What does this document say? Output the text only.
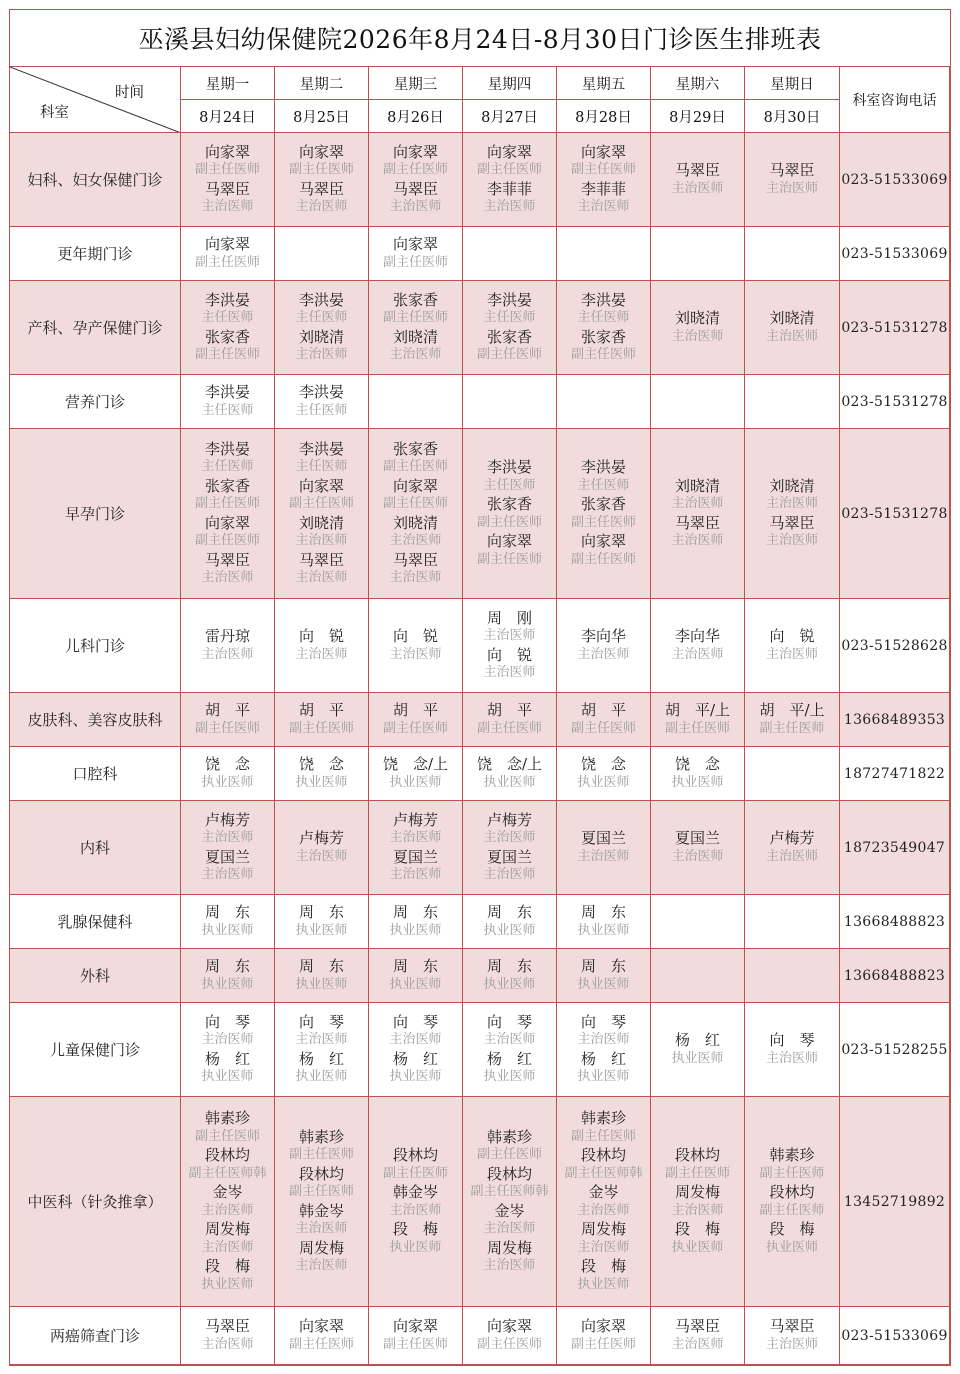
巫溪县妇幼保健院2026年8月24日-8月30日门诊医生排班表
时间
科室
星期一
8月24日
星期二
8月25日
星期三
8月26日
星期四
8月27日
星期五
8月28日
星期六
8月29日
星期日
8月30日
科室咨询电话
妇科、妇女保健门诊
向家翠
副主任医师
马翠臣
主治医师
向家翠
副主任医师
马翠臣
主治医师
向家翠
副主任医师
马翠臣
主治医师
向家翠
副主任医师
李菲菲
主治医师
向家翠
副主任医师
李菲菲
主治医师
马翠臣
主治医师
马翠臣
主治医师
023-51533069
更年期门诊
向家翠
副主任医师
向家翠
副主任医师
023-51533069
产科、孕产保健门诊
李洪晏
主任医师
张家香
副主任医师
李洪晏
主任医师
刘晓清
主治医师
张家香
副主任医师
刘晓清
主治医师
李洪晏
主任医师
张家香
副主任医师
李洪晏
主任医师
张家香
副主任医师
刘晓清
主治医师
刘晓清
主治医师
023-51531278
营养门诊
李洪晏
主任医师
李洪晏
主任医师
023-51531278
早孕门诊
李洪晏
主任医师
张家香
副主任医师
向家翠
副主任医师
马翠臣
主治医师
李洪晏
主任医师
向家翠
副主任医师
刘晓清
主治医师
马翠臣
主治医师
张家香
副主任医师
向家翠
副主任医师
刘晓清
主治医师
马翠臣
主治医师
李洪晏
主任医师
张家香
副主任医师
向家翠
副主任医师
李洪晏
主任医师
张家香
副主任医师
向家翠
副主任医师
刘晓清
主治医师
马翠臣
主治医师
刘晓清
主治医师
马翠臣
主治医师
023-51531278
儿科门诊
雷丹琼
主治医师
向　锐
主治医师
向　锐
主治医师
周　刚
主治医师
向　锐
主治医师
李向华
主治医师
李向华
主治医师
向　锐
主治医师
023-51528628
皮肤科、美容皮肤科
胡　平
副主任医师
胡　平
副主任医师
胡　平
副主任医师
胡　平
副主任医师
胡　平
副主任医师
胡　平/上
副主任医师
胡　平/上
副主任医师
13668489353
口腔科
饶　念
执业医师
饶　念
执业医师
饶　念/上
执业医师
饶　念/上
执业医师
饶　念
执业医师
饶　念
执业医师
18727471822
内科
卢梅芳
主治医师
夏国兰
主治医师
卢梅芳
主治医师
卢梅芳
主治医师
夏国兰
主治医师
卢梅芳
主治医师
夏国兰
主治医师
夏国兰
主治医师
夏国兰
主治医师
卢梅芳
主治医师
18723549047
乳腺保健科
周　东
执业医师
周　东
执业医师
周　东
执业医师
周　东
执业医师
周　东
执业医师
13668488823
外科
周　东
执业医师
周　东
执业医师
周　东
执业医师
周　东
执业医师
周　东
执业医师
13668488823
儿童保健门诊
向　琴
主治医师
杨　红
执业医师
向　琴
主治医师
杨　红
执业医师
向　琴
主治医师
杨　红
执业医师
向　琴
主治医师
杨　红
执业医师
向　琴
主治医师
杨　红
执业医师
杨　红
执业医师
向　琴
主治医师
023-51528255
中医科（针灸推拿）
韩素珍
副主任医师
段林均
副主任医师韩
金岑
主治医师
周发梅
主治医师
段　梅
执业医师
韩素珍
副主任医师
段林均
副主任医师
韩金岑
主治医师
周发梅
主治医师
段林均
副主任医师
韩金岑
主治医师
段　梅
执业医师
韩素珍
副主任医师
段林均
副主任医师韩
金岑
主治医师
周发梅
主治医师
韩素珍
副主任医师
段林均
副主任医师韩
金岑
主治医师
周发梅
主治医师
段　梅
执业医师
段林均
副主任医师
周发梅
主治医师
段　梅
执业医师
韩素珍
副主任医师
段林均
副主任医师
段　梅
执业医师
13452719892
两癌筛查门诊
马翠臣
主治医师
向家翠
副主任医师
向家翠
副主任医师
向家翠
副主任医师
向家翠
副主任医师
马翠臣
主治医师
马翠臣
主治医师
023-51533069
